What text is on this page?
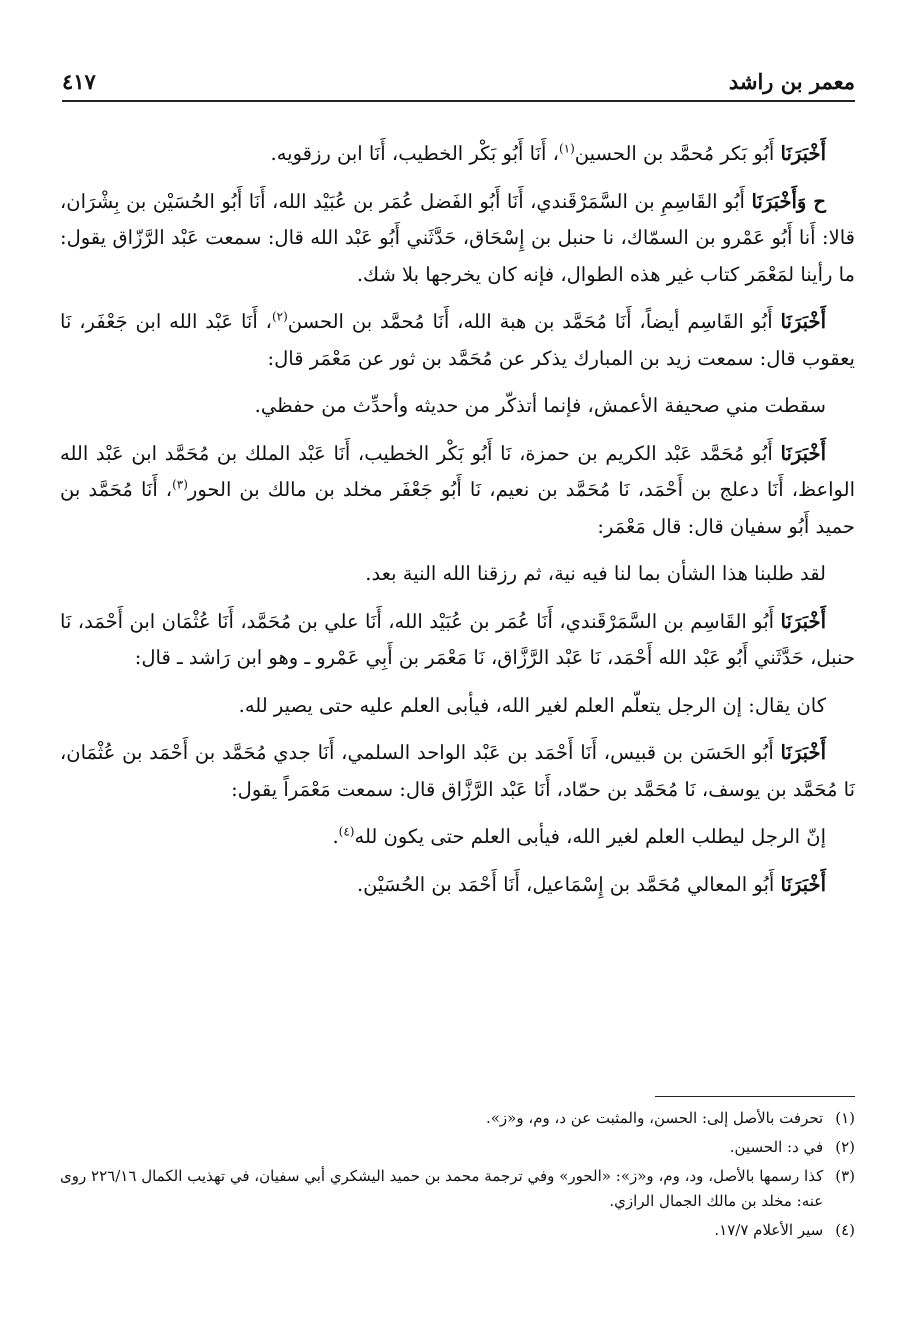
٤١٧	معمر بن راشد

أَخْبَرَنَا أَبُو بَكر مُحمَّد بن الحسين$^{(١)}$، أَنَا أَبُو بَكْر الخطيب، أَنَا ابن رزقويه.

ح وَأَخْبَرَنَا أَبُو القَاسِمِ بن السَّمَرْقَندي، أَنَا أَبُو الفَضل عُمَر بن عُبَيْد الله، أَنَا أَبُو الحُسَيْن بن بِشْرَان، قالا: أَنا أَبُو عَمْرو بن السمّاك، نا حنبل بن إِسْحَاق، حَدَّثَني أَبُو عَبْد الله قال: سمعت عَبْد الرَّزّاق يقول: ما رأينا لمَعْمَر كتاب غير هذه الطوال، فإنه كان يخرجها بلا شك.

أَخْبَرَنَا أَبُو القَاسِم أيضاً، أَنَا مُحَمَّد بن هبة الله، أَنَا مُحمَّد بن الحسن$^{(٢)}$، أَنَا عَبْد الله ابن جَعْفَر، نَا يعقوب قال: سمعت زيد بن المبارك يذكر عن مُحَمَّد بن ثور عن مَعْمَر قال:

سقطت مني صحيفة الأعمش، فإنما أتذكّر من حديثه وأحدِّث من حفظي.

أَخْبَرَنَا أَبُو مُحَمَّد عَبْد الكريم بن حمزة، نَا أَبُو بَكْر الخطيب، أَنَا عَبْد الملك بن مُحَمَّد ابن عَبْد الله الواعظ، أَنَا دعلج بن أَحْمَد، نَا مُحَمَّد بن نعيم، نَا أَبُو جَعْفَر مخلد بن مالك بن الحور$^{(٣)}$، أَنَا مُحَمَّد بن حميد أَبُو سفيان قال: قال مَعْمَر:

لقد طلبنا هذا الشأن بما لنا فيه نية، ثم رزقنا الله النية بعد.

أَخْبَرَنَا أَبُو القَاسِم بن السَّمَرْقَندي، أَنَا عُمَر بن عُبَيْد الله، أَنَا علي بن مُحَمَّد، أَنَا عُثْمَان ابن أَحْمَد، نَا حنبل، حَدَّثَني أَبُو عَبْد الله أَحْمَد، نَا عَبْد الرَّزَّاق، نَا مَعْمَر بن أَبِي عَمْرو ـ وهو ابن رَاشد ـ قال:

كان يقال: إن الرجل يتعلّم العلم لغير الله، فيأبى العلم عليه حتى يصير لله.

أَخْبَرَنَا أَبُو الحَسَن بن قبيس، أَنَا أَحْمَد بن عَبْد الواحد السلمي، أَنَا جدي مُحَمَّد بن أَحْمَد بن عُثْمَان، نَا مُحَمَّد بن يوسف، نَا مُحَمَّد بن حمّاد، أَنَا عَبْد الرَّزَّاق قال: سمعت مَعْمَراً يقول:

إنّ الرجل ليطلب العلم لغير الله، فيأبى العلم حتى يكون لله$^{(٤)}$.

أَخْبَرَنَا أَبُو المعالي مُحَمَّد بن إِسْمَاعيل، أَنَا أَحْمَد بن الحُسَيْن.

(١)
تحرفت بالأصل إلى: الحسن، والمثبت عن د، وم، و«ز».
(٢)
في د: الحسين.
(٣)
كذا رسمها بالأصل، ود، وم، و«ز»: «الحور» وفي ترجمة محمد بن حميد اليشكري أبي سفيان، في تهذيب الكمال ٢٢٦/١٦ روى عنه: مخلد بن مالك الجمال الرازي.
(٤)
سير الأعلام ١٧/٧.
